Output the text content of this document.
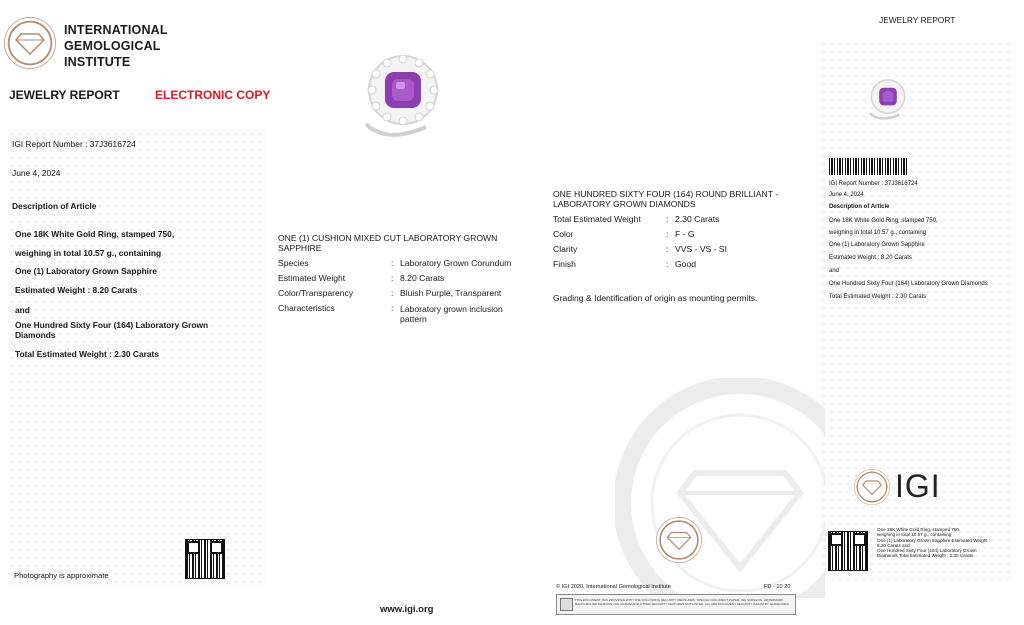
INTERNATIONAL
GEMOLOGICAL
INSTITUTE
JEWELRY REPORT	ELECTRONIC COPY
IGI Report Number : 37J3616724
June 4, 2024
Description of Article
One 18K White Gold Ring, stamped 750,
weighing in total 10.57 g., containing
One (1) Laboratory Grown Sapphire
Estimated Weight : 8.20 Carats
and
One Hundred Sixty Four (164) Laboratory Grown Diamonds
Total Estimated Weight : 2.30 Carats
Photography is approximate
ONE (1) CUSHION MIXED CUT LABORATORY GROWN SAPPHIRE
Species	: Laboratory Grown Corundum
Estimated Weight	: 8.20 Carats
Color/Transparency	: Bluish Purple, Transparent
Characteristics	: Laboratory grown inclusion pattern
www.igi.org
ONE HUNDRED SIXTY FOUR (164) ROUND BRILLIANT - LABORATORY GROWN DIAMONDS
Total Estimated Weight	: 2.30 Carats
Color	: F - G
Clarity	: VVS - VS - SI
Finish	: Good
Grading & Identification of origin as mounting permits.
© IGI 2020, International Gemological Institute	FD - 10 20
THIS DOCUMENT HAS PROVIDED WITH THE FOLLOWING SECURITY MEASURES: SPECIAL DOCUMENT PAPER, INK SCREENS, WATERMARK BACKGROUND DESIGNS, HOLOGRAM AND OTHER SECURITY FEATURES NOT LISTED. ALL ARE DOCUMENT SECURITY INDUSTRY GUIDELINES.
JEWELRY REPORT
IGI Report Number : 37J3616724
June 4, 2024
Description of Article
One 18K White Gold Ring, stamped 750,
weighing in total 10.57 g., containing
One (1) Laboratory Grown Sapphire
Estimated Weight : 8.20 Carats
and
One Hundred Sixty Four (164) Laboratory Grown Diamonds
Total Estimated Weight : 2.30 Carats
IGI
One 18K White Gold Ring, stamped 750,
weighing in total 10.57 g., containing
One (1) Laboratory Grown Sapphire Estimated Weight :
8.20 Carats and
One Hundred Sixty Four (164) Laboratory Grown
Diamonds Total Estimated Weight : 2.30 Carats
